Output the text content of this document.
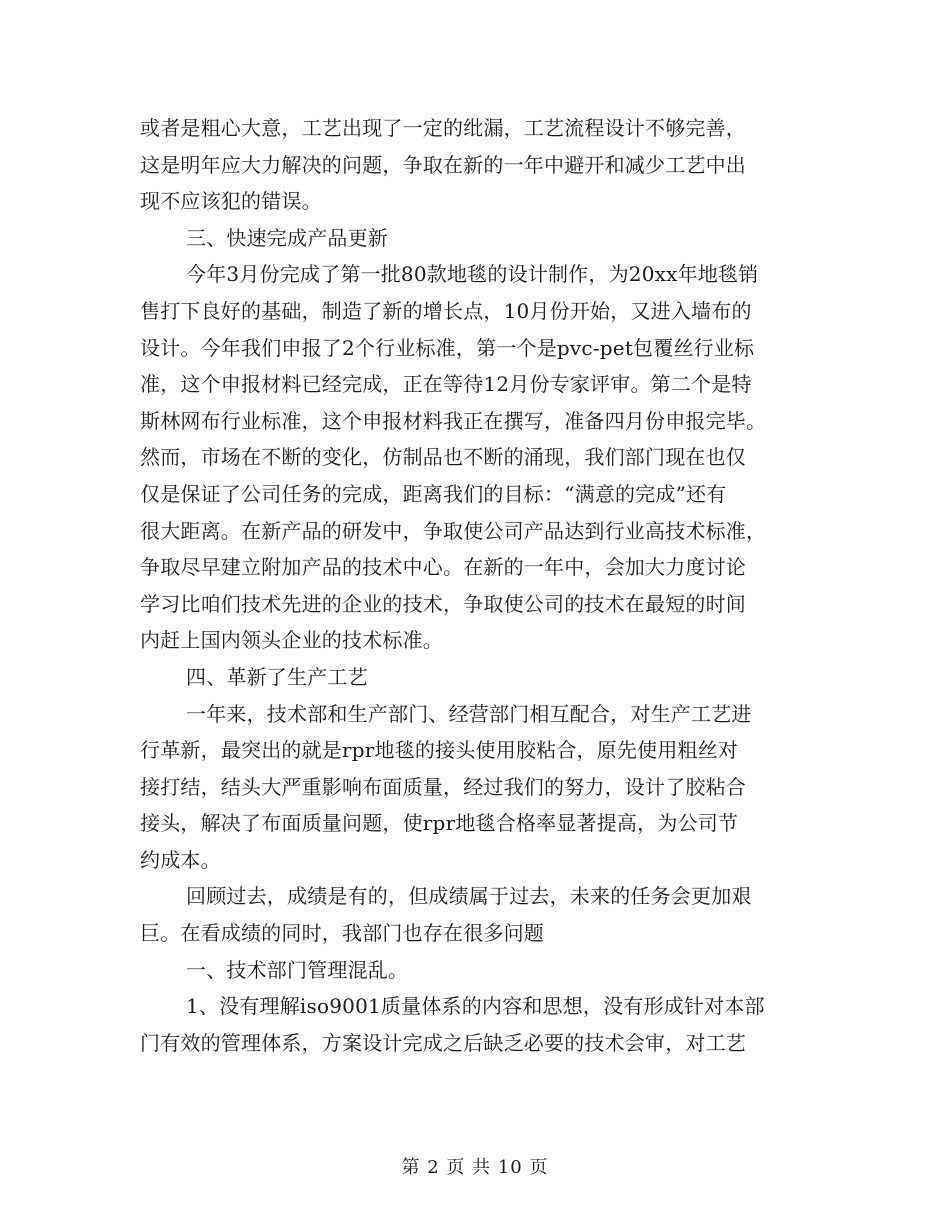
或者是粗心大意，工艺出现了一定的纰漏，工艺流程设计不够完善，
这是明年应大力解决的问题，争取在新的一年中避开和减少工艺中出
现不应该犯的错误。
三、快速完成产品更新
今年3月份完成了第一批80款地毯的设计制作，为20xx年地毯销
售打下良好的基础，制造了新的增长点，10月份开始，又进入墙布的
设计。今年我们申报了2个行业标准，第一个是pvc-pet包覆丝行业标
准，这个申报材料已经完成，正在等待12月份专家评审。第二个是特
斯林网布行业标准，这个申报材料我正在撰写，准备四月份申报完毕。
然而，市场在不断的变化，仿制品也不断的涌现，我们部门现在也仅
仅是保证了公司任务的完成，距离我们的目标：“满意的完成”还有
很大距离。在新产品的研发中，争取使公司产品达到行业高技术标准，
争取尽早建立附加产品的技术中心。在新的一年中，会加大力度讨论
学习比咱们技术先进的企业的技术，争取使公司的技术在最短的时间
内赶上国内领头企业的技术标准。
四、革新了生产工艺
一年来，技术部和生产部门、经营部门相互配合，对生产工艺进
行革新，最突出的就是rpr地毯的接头使用胶粘合，原先使用粗丝对
接打结，结头大严重影响布面质量，经过我们的努力，设计了胶粘合
接头，解决了布面质量问题，使rpr地毯合格率显著提高，为公司节
约成本。
回顾过去，成绩是有的，但成绩属于过去，未来的任务会更加艰
巨。在看成绩的同时，我部门也存在很多问题
一、技术部门管理混乱。
1、没有理解iso9001质量体系的内容和思想，没有形成针对本部
门有效的管理体系，方案设计完成之后缺乏必要的技术会审，对工艺
第 2 页 共 10 页
